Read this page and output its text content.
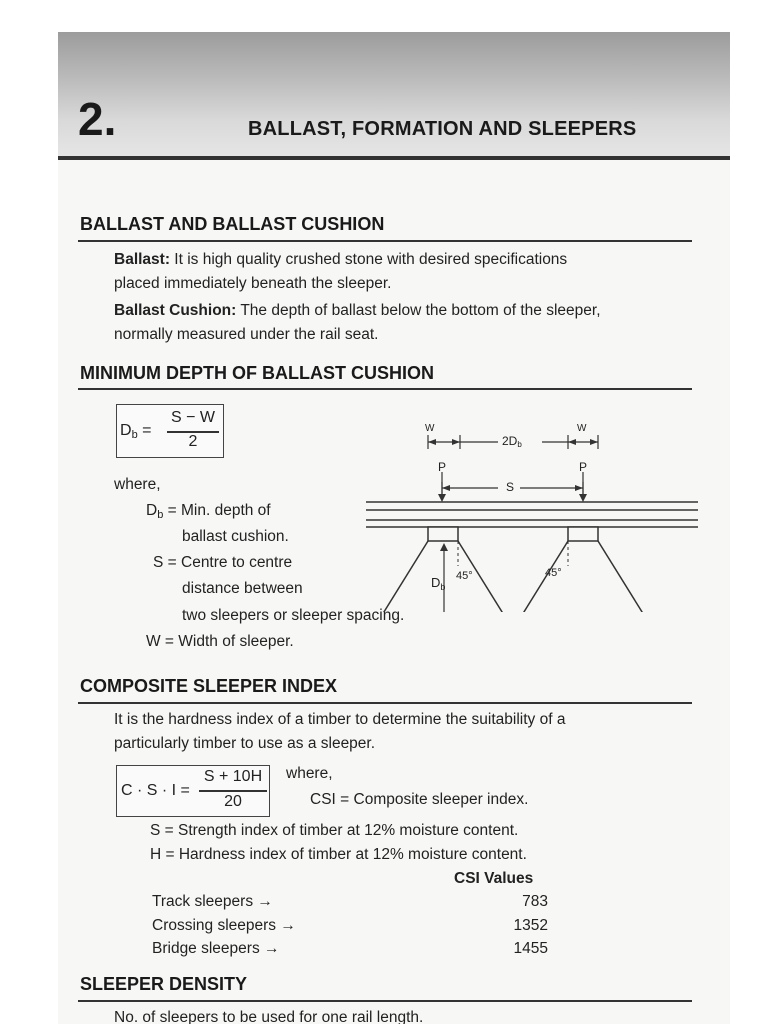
2.	BALLAST, FORMATION AND SLEEPERS
BALLAST AND BALLAST CUSHION
Ballast: It is high quality crushed stone with desired specifications
placed immediately beneath the sleeper.
Ballast Cushion: The depth of ballast below the bottom of the sleeper,
normally measured under the rail seat.
MINIMUM DEPTH OF BALLAST CUSHION
$D_b$ =
S − W
2
where,
$D_b$ = Min. depth of
ballast cushion.
S = Centre to centre
distance between
two sleepers or sleeper spacing.
W = Width of sleeper.
W
2Db
W
P	P
S
$D_b$
45°	45°
COMPOSITE SLEEPER INDEX
It is the hardness index of a timber to determine the suitability of a
particularly timber to use as a sleeper.
C · S · I =
S + 10H
20
where,
CSI = Composite sleeper index.
S = Strength index of timber at 12% moisture content.
H = Hardness index of timber at 12% moisture content.
CSI Values
Track sleepers →	783
Crossing sleepers →	1352
Bridge sleepers →	1455
SLEEPER DENSITY
No. of sleepers to be used for one rail length.
